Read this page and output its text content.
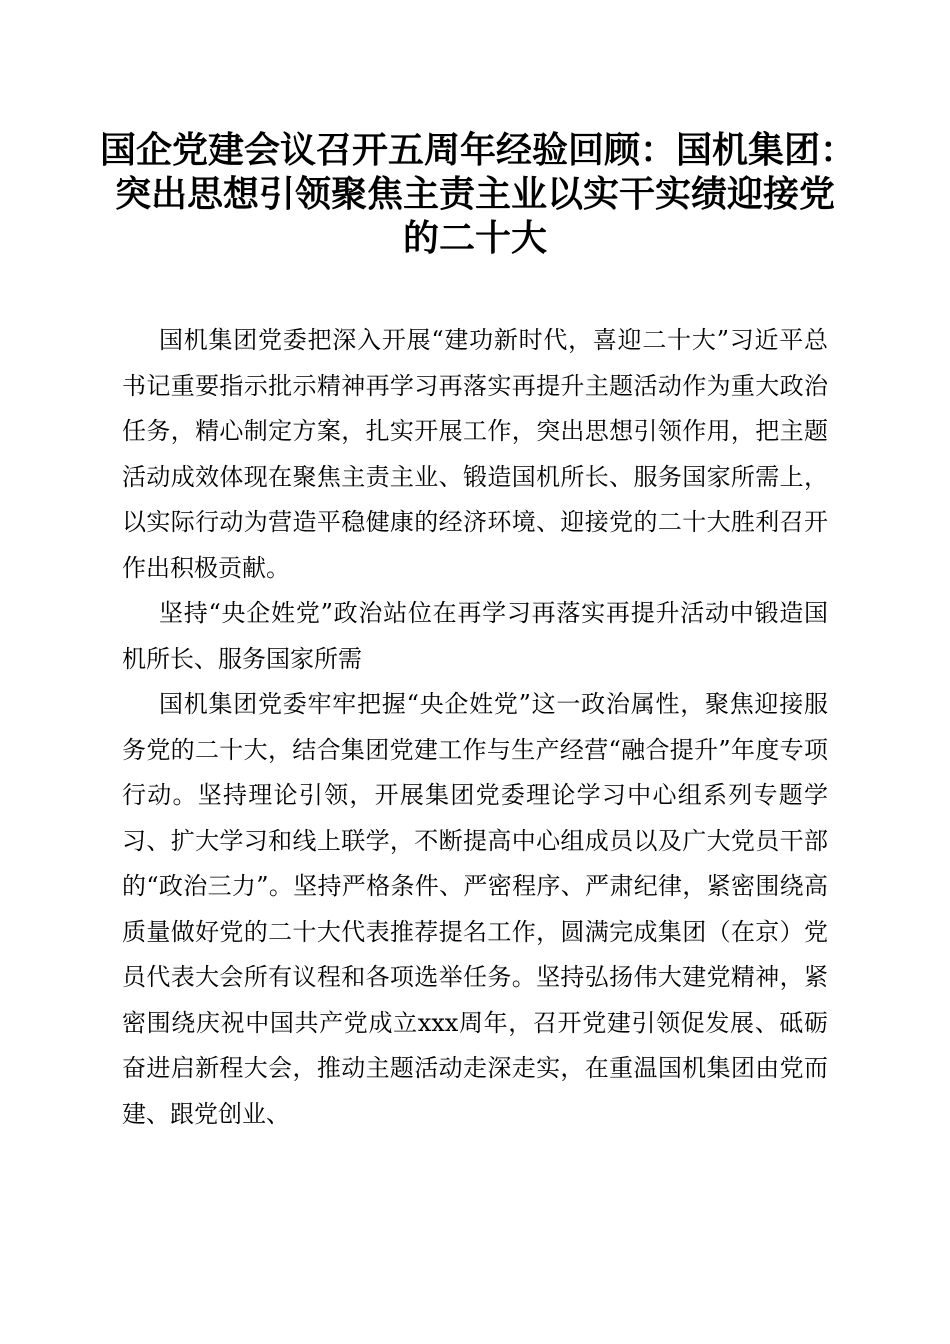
国企党建会议召开五周年经验回顾：国机集团：
突出思想引领聚焦主责主业以实干实绩迎接党
的二十大

国机集团党委把深入开展“建功新时代，喜迎二十大”习近平总书记重要指示批示精神再学习再落实再提升主题活动作为重大政治任务，精心制定方案，扎实开展工作，突出思想引领作用，把主题活动成效体现在聚焦主责主业、锻造国机所长、服务国家所需上，以实际行动为营造平稳健康的经济环境、迎接党的二十大胜利召开作出积极贡献。

坚持“央企姓党”政治站位在再学习再落实再提升活动中锻造国机所长、服务国家所需

国机集团党委牢牢把握“央企姓党”这一政治属性，聚焦迎接服务党的二十大，结合集团党建工作与生产经营“融合提升”年度专项行动。坚持理论引领，开展集团党委理论学习中心组系列专题学习、扩大学习和线上联学，不断提高中心组成员以及广大党员干部的“政治三力”。坚持严格条件、严密程序、严肃纪律，紧密围绕高质量做好党的二十大代表推荐提名工作，圆满完成集团（在京）党员代表大会所有议程和各项选举任务。坚持弘扬伟大建党精神，紧密围绕庆祝中国共产党成立xxx周年，召开党建引领促发展、砥砺奋进启新程大会，推动主题活动走深走实，在重温国机集团由党而建、跟党创业、
